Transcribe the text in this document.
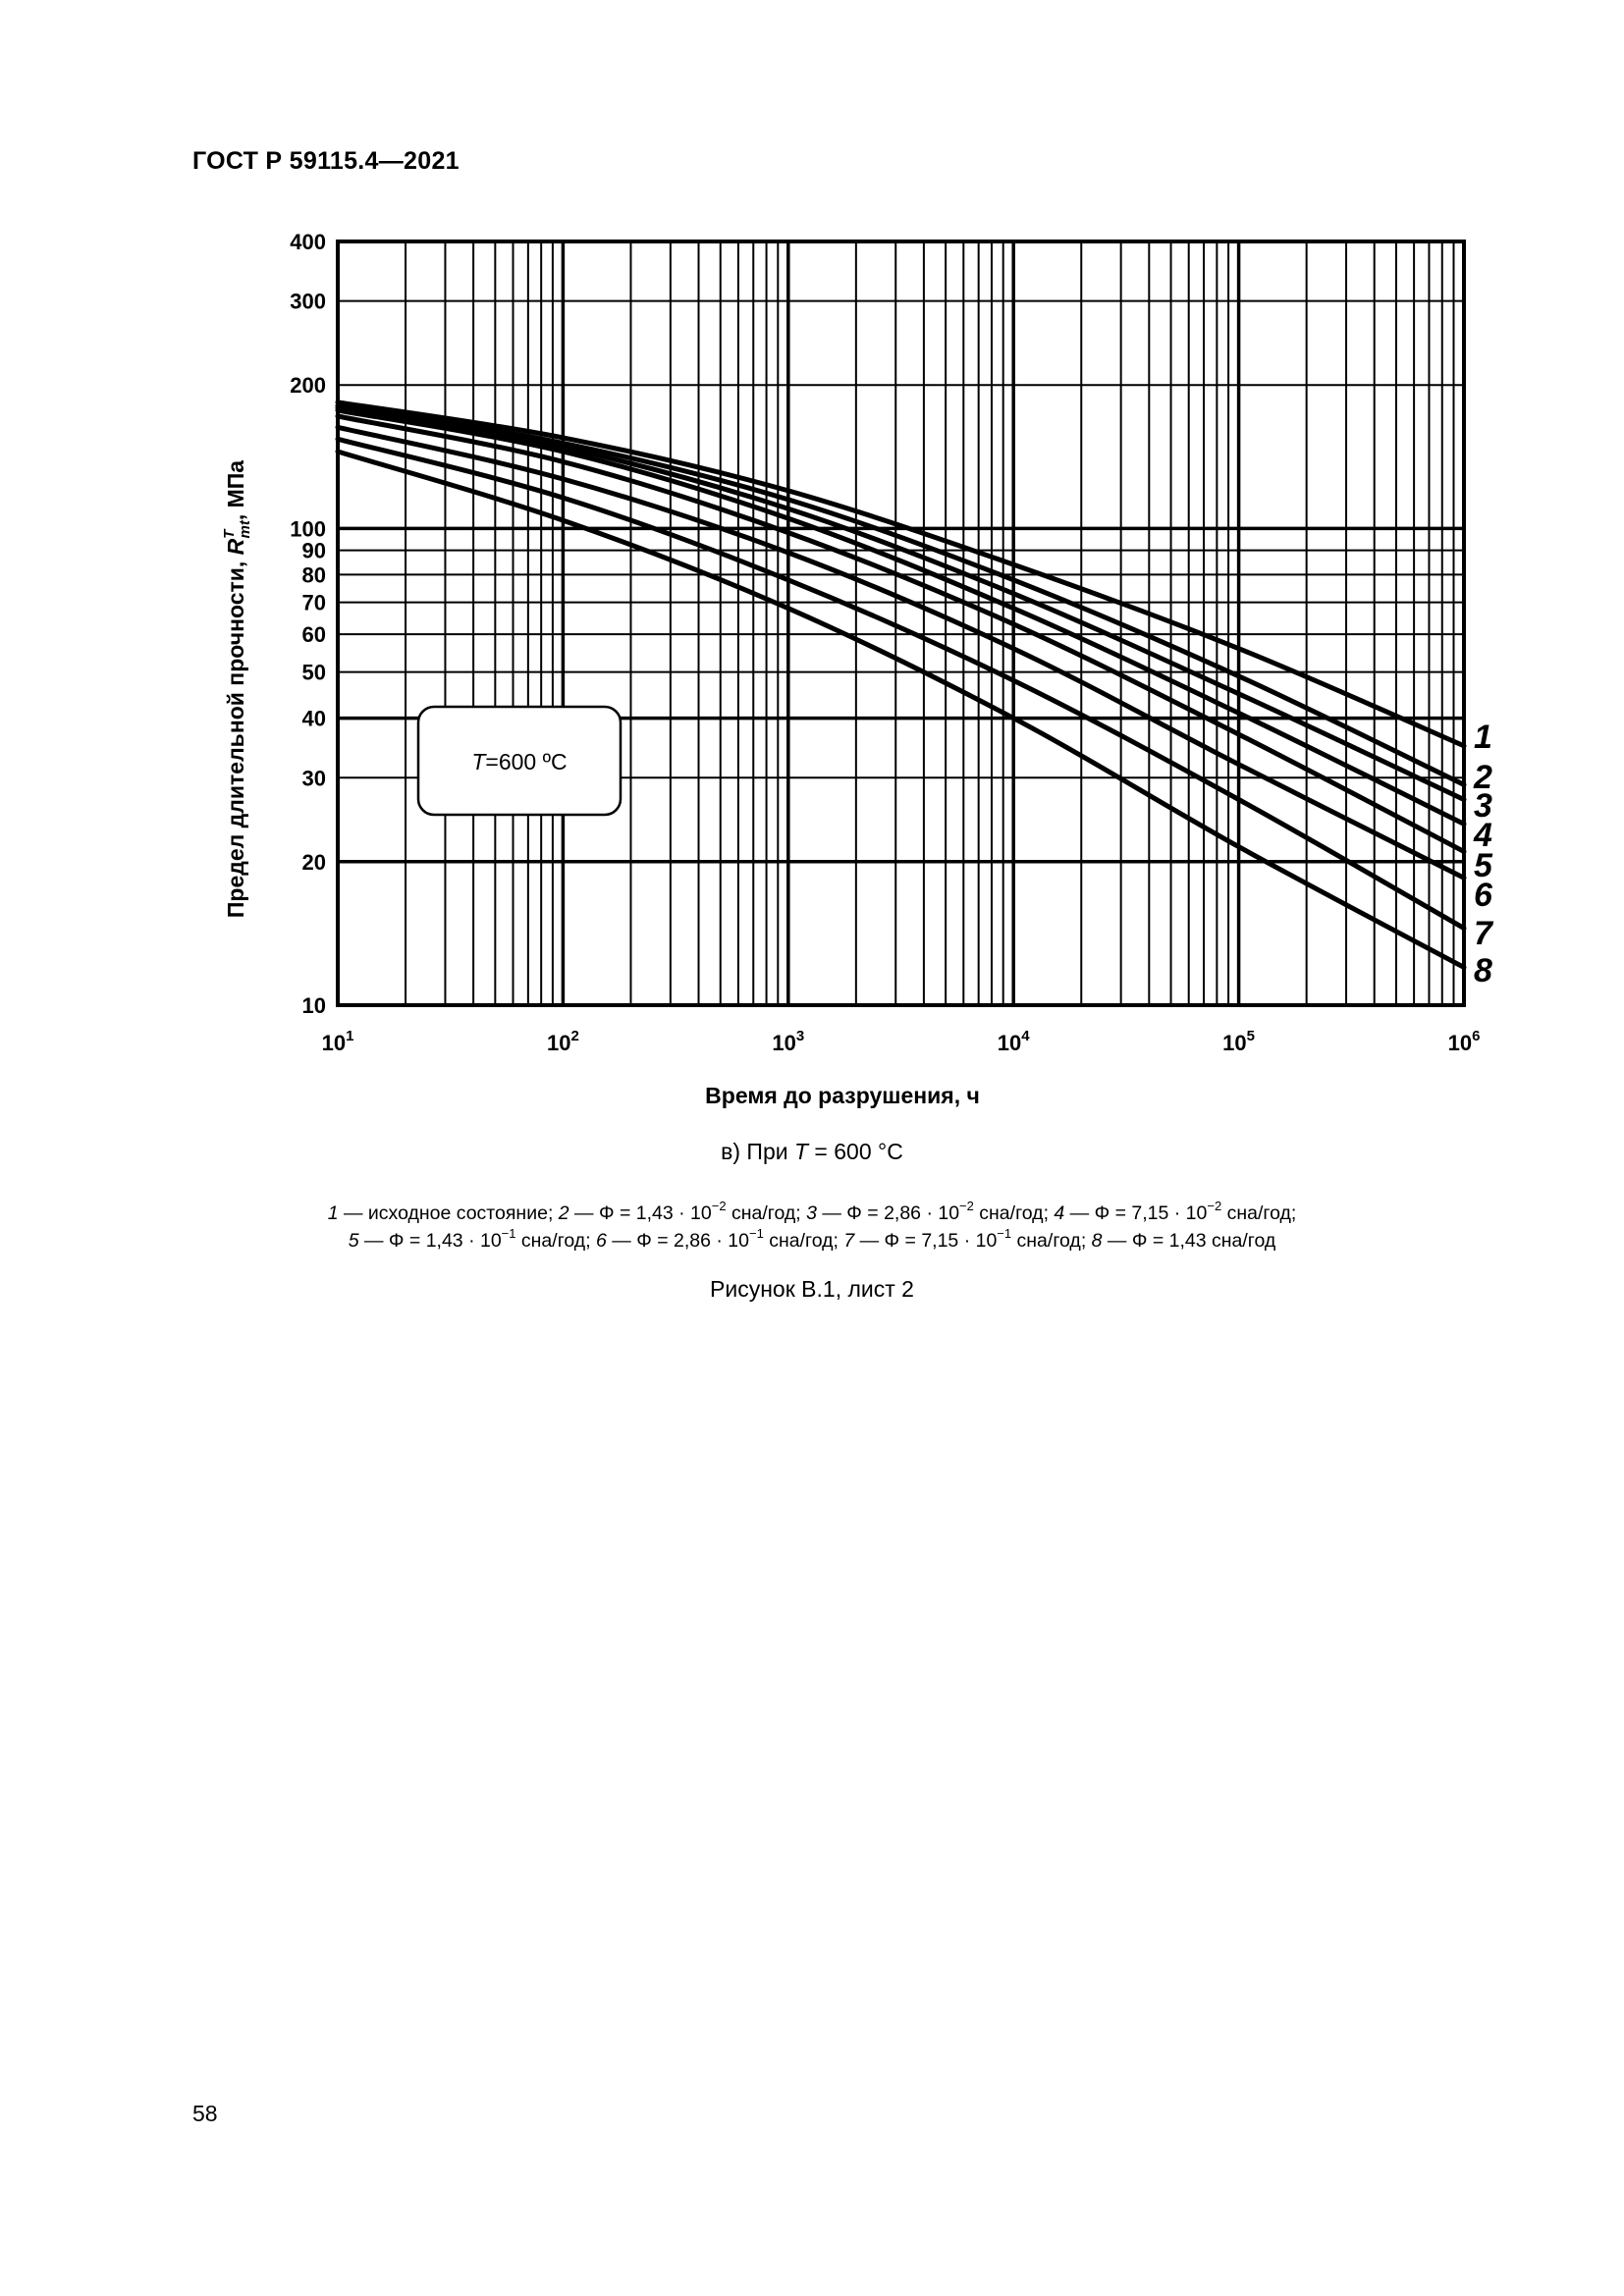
ГОСТ Р 59115.4—2021
T=600 ºC
10
20
30
40
50
60
70
80
90
100
200
300
400
$10^1$	$10^2$	$10^3$	$10^4$	$10^5$	$10^6$
1
2
3
4
5
6
7
8
Время до разрушения, ч
Предел длительной прочности, $R^Tmt$, МПа
в) При T = 600 °C
1 — исходное состояние; 2 — $\Phi = 1,43 \cdot 10^{-2}$ сна/год; 3 — $\Phi = 2,86 \cdot 10^{-2}$ сна/год; 4 — $\Phi = 7,15 \cdot 10^{-2}$ сна/год;
5 — $\Phi = 1,43 \cdot 10^{-1}$ сна/год; 6 — $\Phi = 2,86 \cdot 10^{-1}$ сна/год; 7 — $\Phi = 7,15 \cdot 10^{-1}$ сна/год; 8 — Φ = 1,43 сна/год
Рисунок В.1, лист 2
58
